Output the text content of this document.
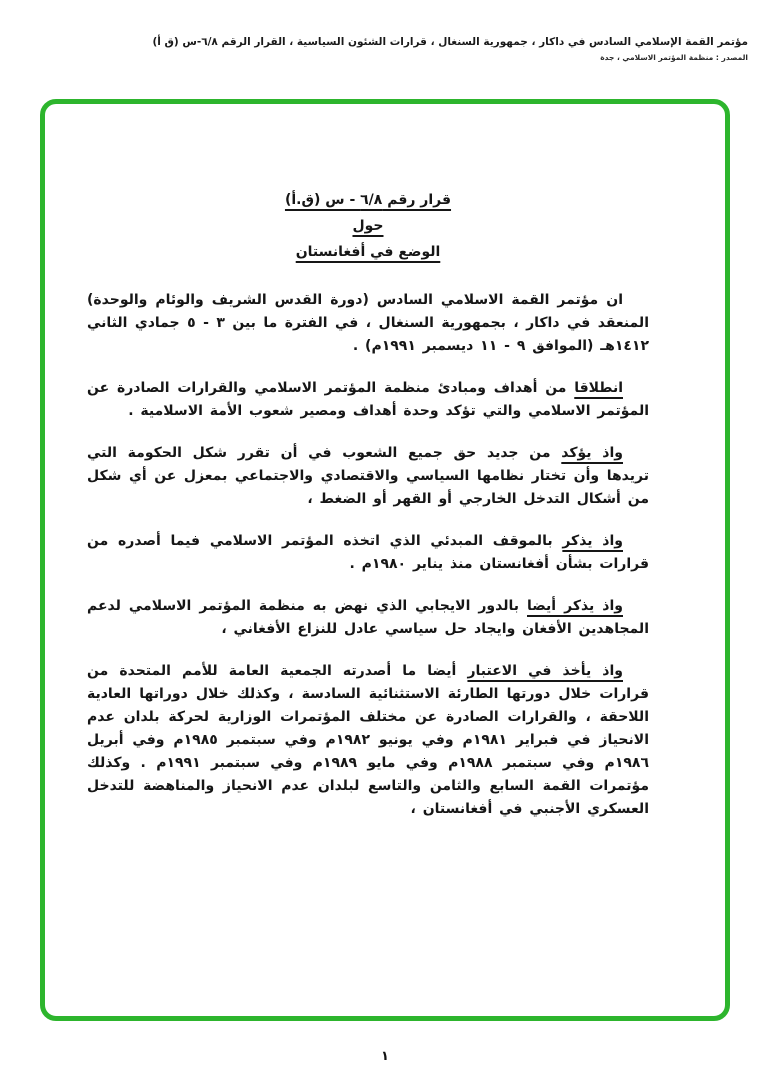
مؤتمر القمة الإسلامي السادس في داكار ، جمهورية السنغال ، قرارات الشئون السياسية ، القرار الرقم ٦/٨-س (ق أ)
المصدر : منظمة المؤتمر الاسلامي ، جدة
قرار رقم ٦/٨ - س (ق.أ)
حول
الوضع في أفغانستان

ان مؤتمر القمة الاسلامي السادس (دورة القدس الشريف والوئام والوحدة) المنعقد في داكار ، بجمهورية السنغال ، في الفترة ما بين ٣ - ٥ جمادي الثاني ١٤١٢هـ (الموافق ٩ - ١١ ديسمبر ١٩٩١م) .

انطلاقا من أهداف ومبادئ منظمة المؤتمر الاسلامي والقرارات الصادرة عن المؤتمر الاسلامي والتي تؤكد وحدة أهداف ومصير شعوب الأمة الاسلامية .

واذ يؤكد من جديد حق جميع الشعوب في أن تقرر شكل الحكومة التي تريدها وأن تختار نظامها السياسي والاقتصادي والاجتماعي بمعزل عن أي شكل من أشكال التدخل الخارجي أو القهر أو الضغط ،

واذ يذكر بالموقف المبدئي الذي اتخذه المؤتمر الاسلامي فيما أصدره من قرارات بشأن أفغانستان منذ يناير ١٩٨٠م .

واذ يذكر أيضا بالدور الايجابي الذي نهض به منظمة المؤتمر الاسلامي لدعم المجاهدين الأفغان وايجاد حل سياسي عادل للنزاع الأفغاني ،

واذ يأخذ في الاعتبار أيضا ما أصدرته الجمعية العامة للأمم المتحدة من قرارات خلال دورتها الطارئة الاستثنائية السادسة ، وكذلك خلال دوراتها العادية اللاحقة ، والقرارات الصادرة عن مختلف المؤتمرات الوزارية لحركة بلدان عدم الانحياز في فبراير ١٩٨١م وفي يونيو ١٩٨٢م وفي سبتمبر ١٩٨٥م وفي أبريل ١٩٨٦م وفي سبتمبر ١٩٨٨م وفي مايو ١٩٨٩م وفي سبتمبر ١٩٩١م . وكذلك مؤتمرات القمة السابع والثامن والتاسع لبلدان عدم الانحياز والمناهضة للتدخل العسكري الأجنبي في أفغانستان ،

١
